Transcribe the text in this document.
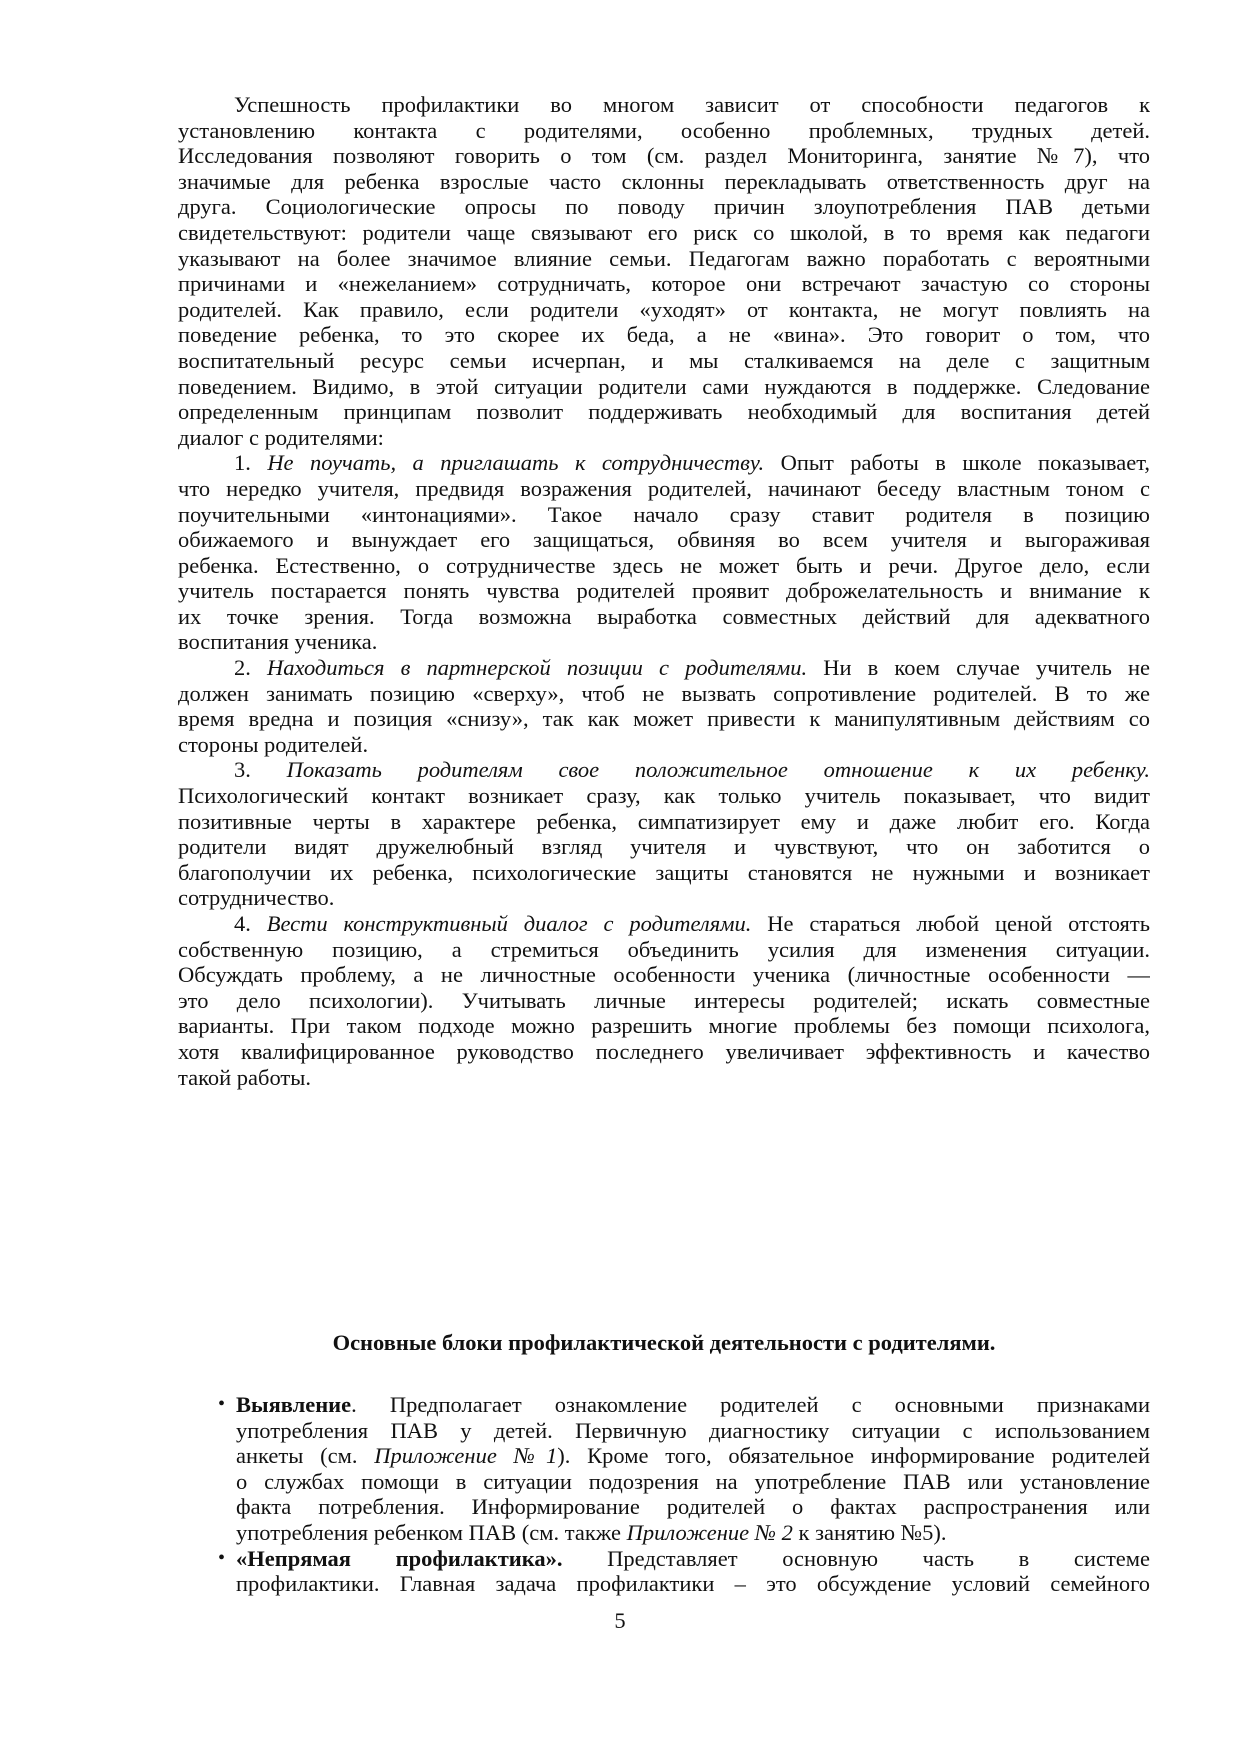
Успешность профилактики во многом зависит от способности педагогов к
установлению контакта с родителями, особенно проблемных, трудных детей.
Исследования позволяют говорить о том (см. раздел Мониторинга, занятие №7), что
значимые для ребенка взрослые часто склонны перекладывать ответственность друг на
друга. Социологические опросы по поводу причин злоупотребления ПАВ детьми
свидетельствуют: родители чаще связывают его риск со школой, в то время как педагоги
указывают на более значимое влияние семьи. Педагогам важно поработать с вероятными
причинами и «нежеланием» сотрудничать, которое они встречают зачастую со стороны
родителей. Как правило, если родители «уходят» от контакта, не могут повлиять на
поведение ребенка, то это скорее их беда, а не «вина». Это говорит о том, что
воспитательный ресурс семьи исчерпан, и мы сталкиваемся на деле с защитным
поведением. Видимо, в этой ситуации родители сами нуждаются в поддержке. Следование
определенным принципам позволит поддерживать необходимый для воспитания детей
диалог с родителями:

1. Не поучать, а приглашать к сотрудничеству. Опыт работы в школе показывает,
что нередко учителя, предвидя возражения родителей, начинают беседу властным тоном с
поучительными «интонациями». Такое начало сразу ставит родителя в позицию
обижаемого и вынуждает его защищаться, обвиняя во всем учителя и выгораживая
ребенка. Естественно, о сотрудничестве здесь не может быть и речи. Другое дело, если
учитель постарается понять чувства родителей проявит доброжелательность и внимание к
их точке зрения. Тогда возможна выработка совместных действий для адекватного
воспитания ученика.

2. Находиться в партнерской позиции с родителями. Ни в коем случае учитель не
должен занимать позицию «сверху», чтоб не вызвать сопротивление родителей. В то же
время вредна и позиция «снизу», так как может привести к манипулятивным действиям со
стороны родителей.

3. Показать родителям свое положительное отношение к их ребенку.
Психологический контакт возникает сразу, как только учитель показывает, что видит
позитивные черты в характере ребенка, симпатизирует ему и даже любит его. Когда
родители видят дружелюбный взгляд учителя и чувствуют, что он заботится о
благополучии их ребенка, психологические защиты становятся не нужными и возникает
сотрудничество.

4. Вести конструктивный диалог с родителями. Не стараться любой ценой отстоять
собственную позицию, а стремиться объединить усилия для изменения ситуации.
Обсуждать проблему, а не личностные особенности ученика (личностные особенности —
это дело психологии). Учитывать личные интересы родителей; искать совместные
варианты. При таком подходе можно разрешить многие проблемы без помощи психолога,
хотя квалифицированное руководство последнего увеличивает эффективность и качество
такой работы.

Основные блоки профилактической деятельности с родителями.
• Выявление. Предполагает ознакомление родителей с основными признаками
употребления ПАВ у детей. Первичную диагностику ситуации с использованием
анкеты (см. Приложение №1). Кроме того, обязательное информирование родителей
о службах помощи в ситуации подозрения на употребление ПАВ или установление
факта потребления. Информирование родителей о фактах распространения или
употребления ребенком ПАВ (см. также Приложение № 2 к занятию №5).
• «Непрямая профилактика». Представляет основную часть в системе
профилактики. Главная задача профилактики – это обсуждение условий семейного
5
